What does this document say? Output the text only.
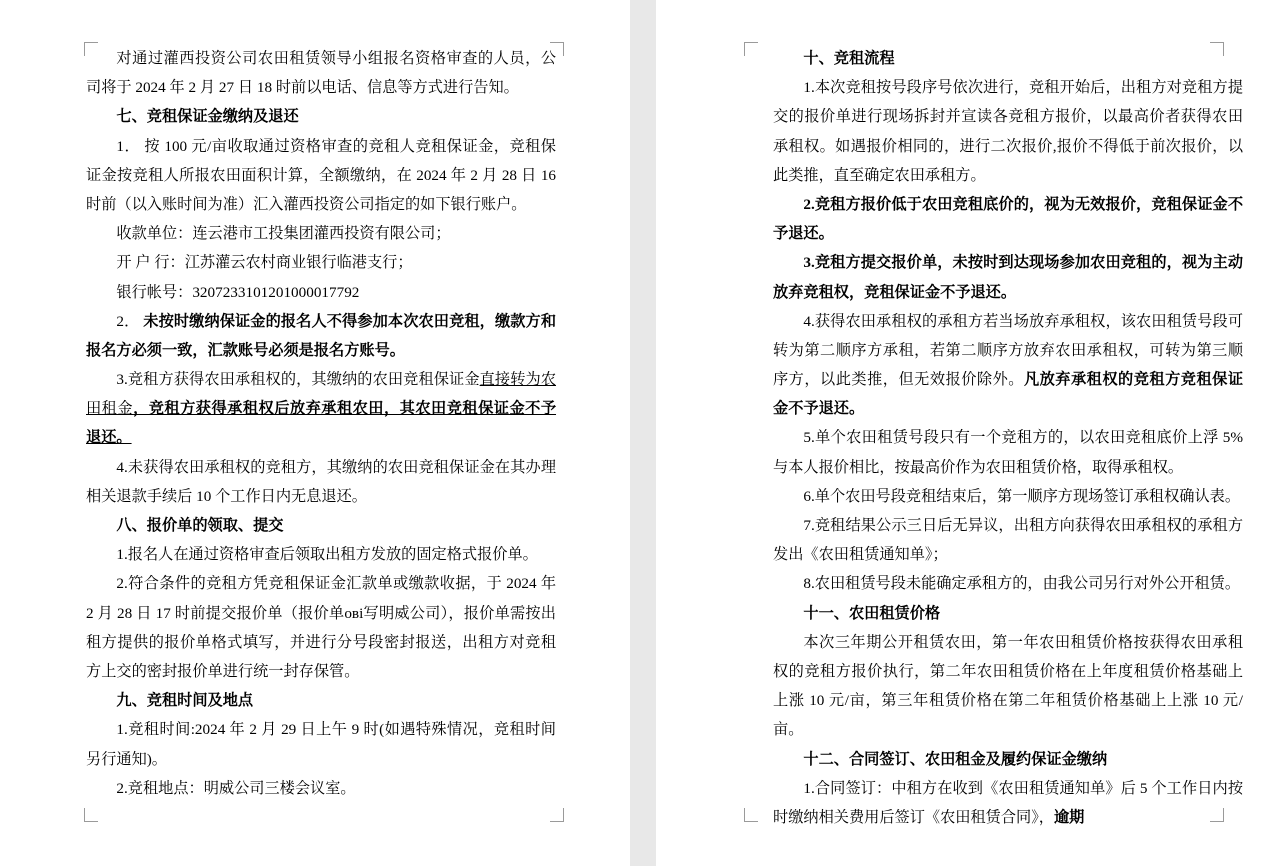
对通过灌西投资公司农田租赁领导小组报名资格审查的人员，公司将于 2024 年 2 月 27 日 18 时前以电话、信息等方式进行告知。

七、竞租保证金缴纳及退还

1． 按 100 元/亩收取通过资格审查的竞租人竞租保证金，竞租保证金按竞租人所报农田面积计算，全额缴纳，在 2024 年 2 月 28 日 16 时前（以入账时间为准）汇入灌西投资公司指定的如下银行账户。

收款单位：连云港市工投集团灌西投资有限公司；

开 户 行：江苏灌云农村商业银行临港支行；

银行帐号：3207233101201000017792

2． 未按时缴纳保证金的报名人不得参加本次农田竞租，缴款方和报名方必须一致，汇款账号必须是报名方账号。

3.竞租方获得农田承租权的，其缴纳的农田竞租保证金直接转为农田租金，竞租方获得承租权后放弃承租农田，其农田竞租保证金不予退还。

4.未获得农田承租权的竞租方，其缴纳的农田竞租保证金在其办理相关退款手续后 10 个工作日内无息退还。

八、报价单的领取、提交

1.报名人在通过资格审查后领取出租方发放的固定格式报价单。

2.符合条件的竞租方凭竞租保证金汇款单或缴款收据，于 2024 年 2 月 28 日 17 时前提交报价单（报价单ові写明威公司），报价单需按出租方提供的报价单格式填写，并进行分号段密封报送，出租方对竞租方上交的密封报价单进行统一封存保管。

九、竞租时间及地点

1.竞租时间:2024 年 2 月 29 日上午 9 时(如遇特殊情况，竞租时间另行通知)。

2.竞租地点：明威公司三楼会议室。

十、竞租流程

1.本次竞租按号段序号依次进行，竞租开始后，出租方对竞租方提交的报价单进行现场拆封并宣读各竞租方报价，以最高价者获得农田承租权。如遇报价相同的，进行二次报价,报价不得低于前次报价，以此类推，直至确定农田承租方。

2.竞租方报价低于农田竞租底价的，视为无效报价，竞租保证金不予退还。

3.竞租方提交报价单，未按时到达现场参加农田竞租的，视为主动放弃竞租权，竞租保证金不予退还。

4.获得农田承租权的承租方若当场放弃承租权，该农田租赁号段可转为第二顺序方承租，若第二顺序方放弃农田承租权，可转为第三顺序方，以此类推，但无效报价除外。凡放弃承租权的竞租方竞租保证金不予退还。

5.单个农田租赁号段只有一个竞租方的，以农田竞租底价上浮 5%与本人报价相比，按最高价作为农田租赁价格，取得承租权。

6.单个农田号段竞租结束后，第一顺序方现场签订承租权确认表。

7.竞租结果公示三日后无异议，出租方向获得农田承租权的承租方发出《农田租赁通知单》；

8.农田租赁号段未能确定承租方的，由我公司另行对外公开租赁。

十一、农田租赁价格

本次三年期公开租赁农田，第一年农田租赁价格按获得农田承租权的竞租方报价执行，第二年农田租赁价格在上年度租赁价格基础上上涨 10 元/亩，第三年租赁价格在第二年租赁价格基础上上涨 10 元/亩。

十二、合同签订、农田租金及履约保证金缴纳

1.合同签订：中租方在收到《农田租赁通知单》后 5 个工作日内按时缴纳相关费用后签订《农田租赁合同》，逾期
